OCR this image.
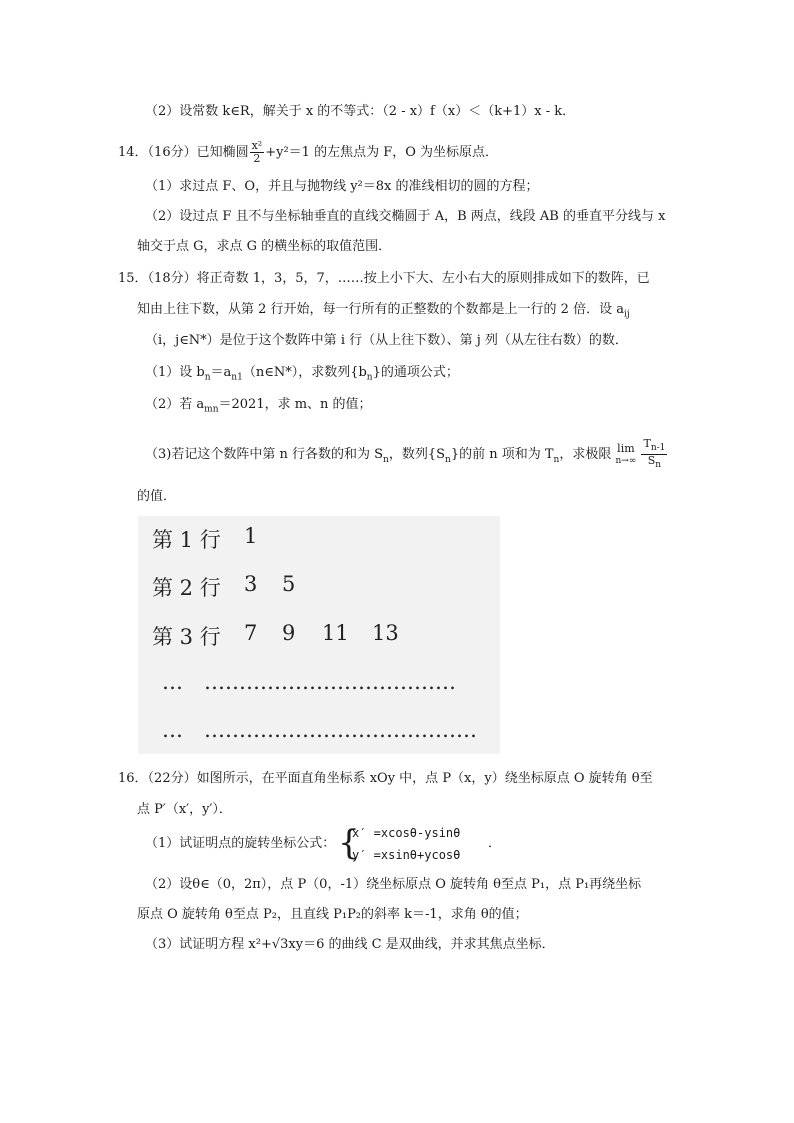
（2）设常数 k∈R，解关于 x 的不等式：（2 - x）f（x）＜（k+1）x - k．
14．（16分）已知椭圆 $\frac{\text{x²}}{2} +y^2=1$ 的左焦点为 F，O 为坐标原点．
（1）求过点 F、O，并且与抛物线 y²＝8x 的准线相切的圆的方程；
（2）设过点 F 且不与坐标轴垂直的直线交椭圆于 A，B 两点，线段 AB 的垂直平分线与 x
轴交于点 G，求点 G 的横坐标的取值范围．
15．（18分）将正奇数 1，3，5，7，……按上小下大、左小右大的原则排成如下的数阵，已
知由上往下数，从第 2 行开始，每一行所有的正整数的个数都是上一行的 2 倍．设 $a_{ij}$
（i，j∈N*）是位于这个数阵中第 i 行（从上往下数）、第 j 列（从左往右数）的数．
（1）设 $b_n=a_{n1}(n\in N*)$，求数列$\{b_n\}$的通项公式；
（2）若 $a_{mn}=2021$，求 m、n 的值；
（3)若记这个数阵中第 n 行各数的和为 $S_n$，数列$\{S_n\}$的前 n 项和为 $T_n$，求极限 lim
n→∞
$\frac{T_{n-1}}{S_n}$
的值．
第 1 行 1
第 2 行 3 5
第 3 行 7 9 11 13
… ………………………………
… …………………………………
16．（22分）如图所示，在平面直角坐标系 xOy 中，点 P（x，y）绕坐标原点 O 旋转角 θ至
点 P′（x′，y′）．
（1）试证明点的旋转坐标公式： {
x′ =xcosθ-ysinθ
y′ =xsinθ+ycosθ
．
（2）设θ∈（0，2π），点 P（0，-1）绕坐标原点 O 旋转角 θ至点 P₁，点 P₁再绕坐标
原点 O 旋转角 θ至点 P₂，且直线 P₁P₂的斜率 k＝-1，求角 θ的值；
（3）试证明方程 x²+√3xy＝6 的曲线 C 是双曲线，并求其焦点坐标．
